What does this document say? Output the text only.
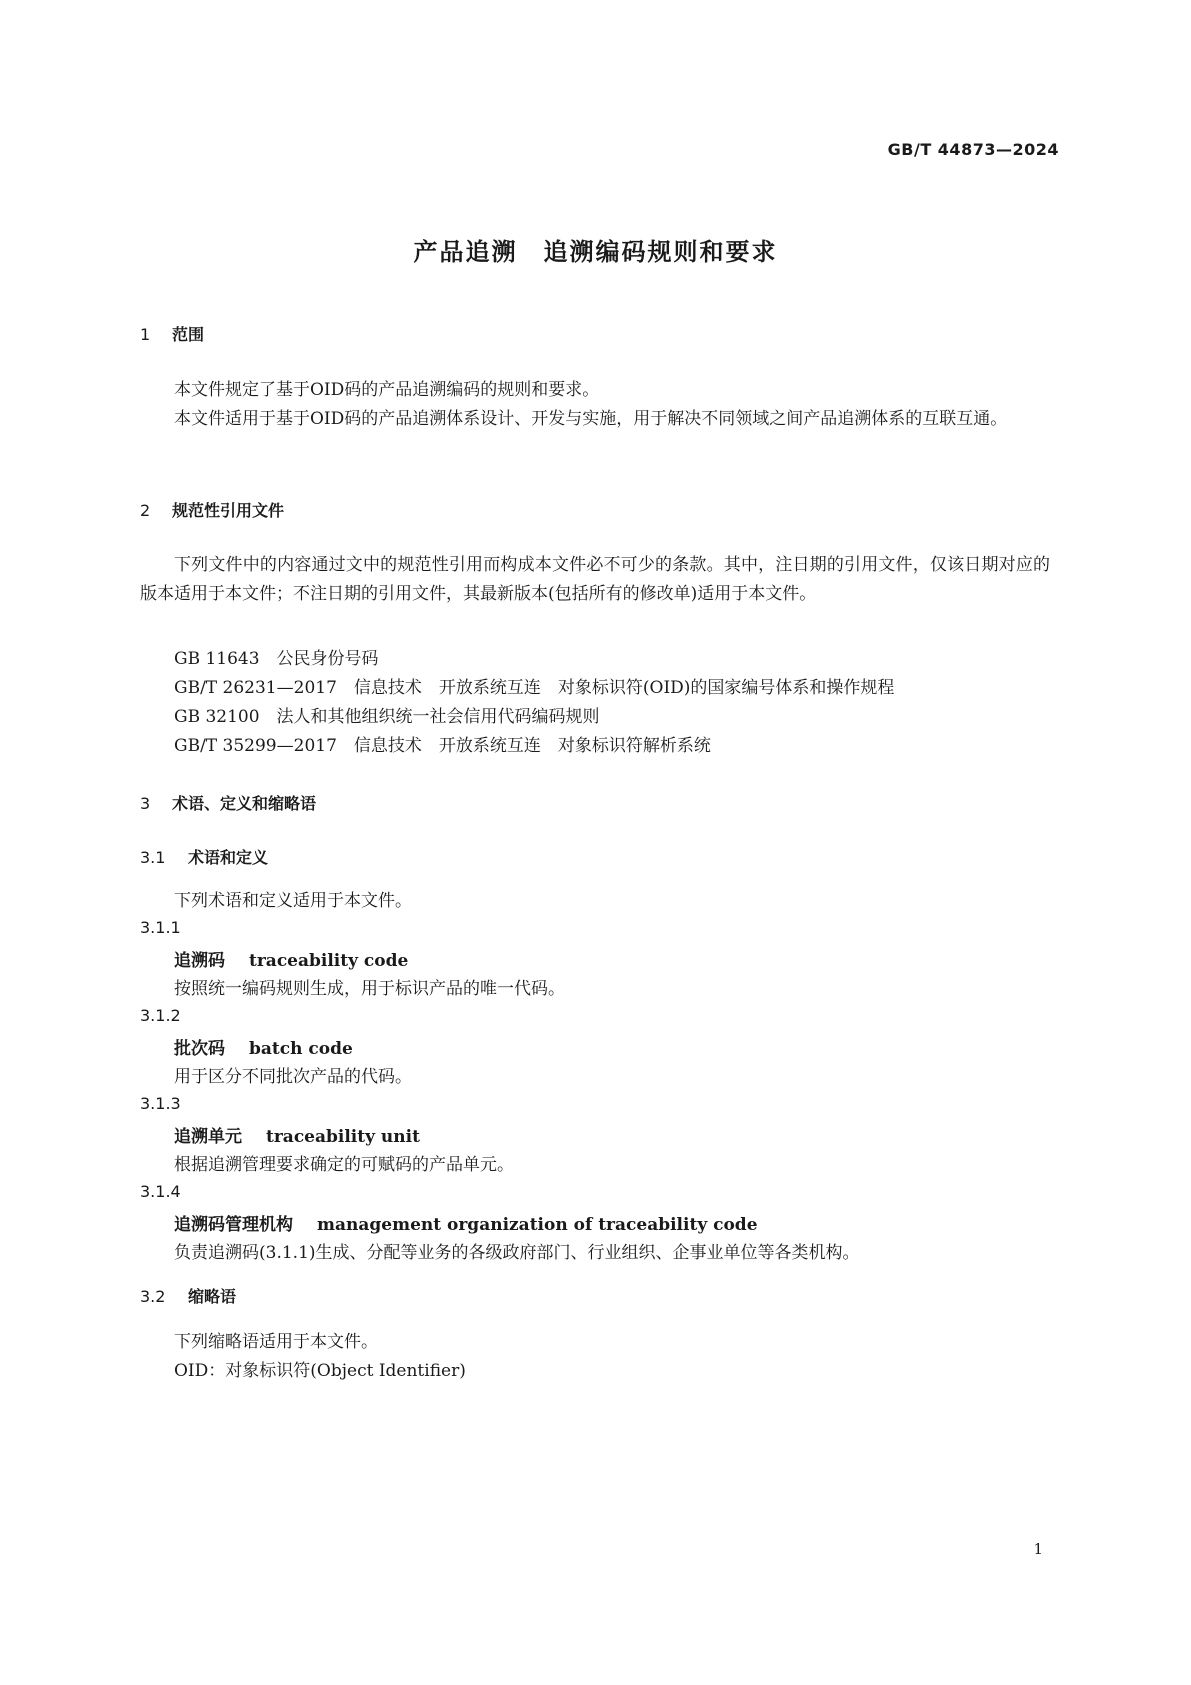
GB/T 44873—2024
产品追溯　追溯编码规则和要求
1 范围
本文件规定了基于OID码的产品追溯编码的规则和要求。
本文件适用于基于OID码的产品追溯体系设计、开发与实施，用于解决不同领域之间产品追溯体系的互联互通。
2 规范性引用文件
下列文件中的内容通过文中的规范性引用而构成本文件必不可少的条款。其中，注日期的引用文件，仅该日期对应的版本适用于本文件；不注日期的引用文件，其最新版本(包括所有的修改单)适用于本文件。
GB 11643　公民身份号码
GB/T 26231—2017　信息技术　开放系统互连　对象标识符(OID)的国家编号体系和操作规程
GB 32100　法人和其他组织统一社会信用代码编码规则
GB/T 35299—2017　信息技术　开放系统互连　对象标识符解析系统
3 术语、定义和缩略语
3.1 术语和定义
下列术语和定义适用于本文件。
3.1.1
追溯码 traceability code
按照统一编码规则生成，用于标识产品的唯一代码。
3.1.2
批次码 batch code
用于区分不同批次产品的代码。
3.1.3
追溯单元 traceability unit
根据追溯管理要求确定的可赋码的产品单元。
3.1.4
追溯码管理机构 management organization of traceability code
负责追溯码(3.1.1)生成、分配等业务的各级政府部门、行业组织、企事业单位等各类机构。
3.2 缩略语
下列缩略语适用于本文件。
OID：对象标识符(Object Identifier)
1
